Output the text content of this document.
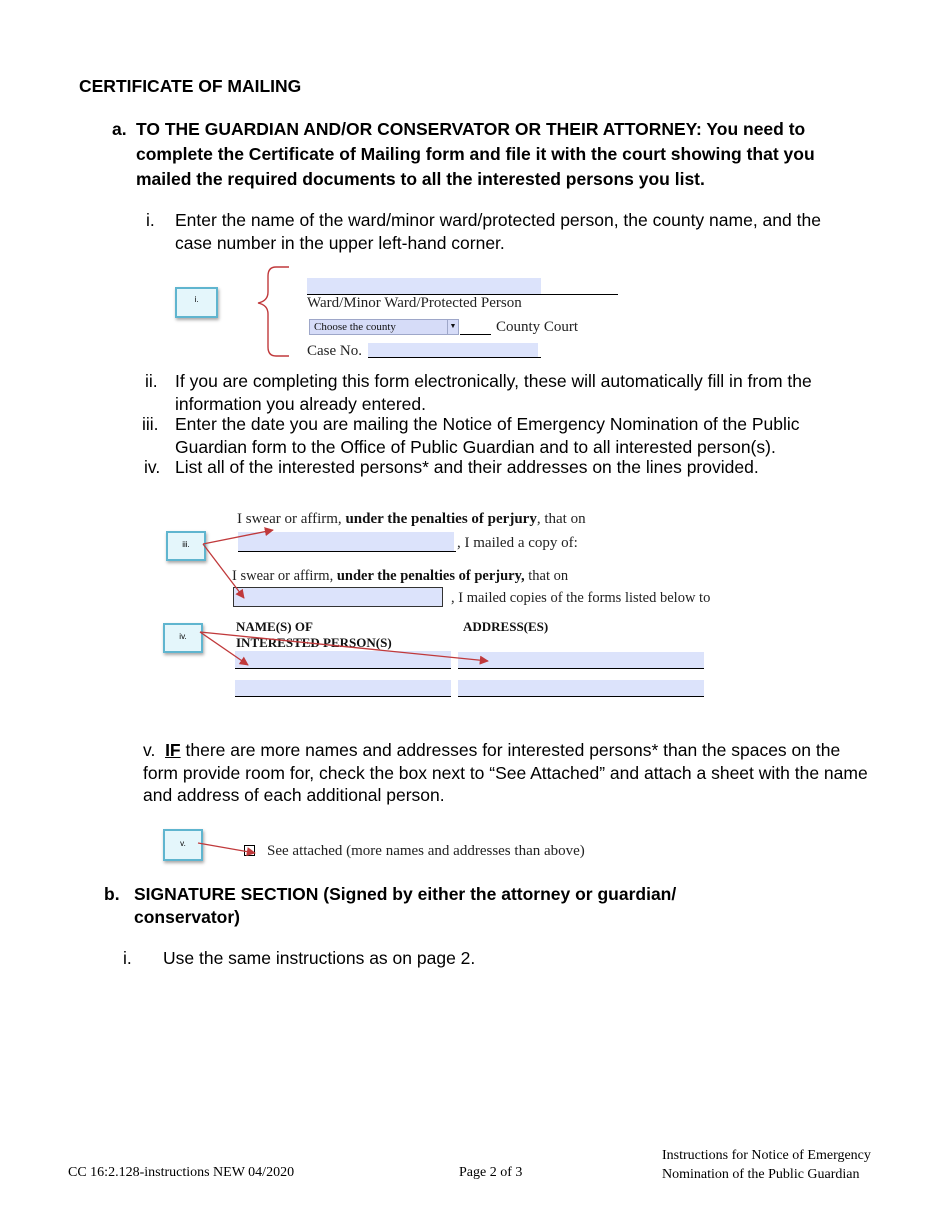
CERTIFICATE OF MAILING
a. TO THE GUARDIAN AND/OR CONSERVATOR OR THEIR ATTORNEY: You need to
complete the Certificate of Mailing form and file it with the court showing that you
mailed the required documents to all the interested persons you list.
i. Enter the name of the ward/minor ward/protected person, the county name, and the
case number in the upper left-hand corner.
i.	Ward/Minor Ward/Protected Person
Choose the county	▼	County Court
Case No.
ii. If you are completing this form electronically, these will automatically fill in from the
information you already entered.
iii. Enter the date you are mailing the Notice of Emergency Nomination of the Public
Guardian form to the Office of Public Guardian and to all interested person(s).
iv. List all of the interested persons* and their addresses on the lines provided.
I swear or affirm, under the penalties of perjury, that on
, I mailed a copy of:
I swear or affirm, under the penalties of perjury, that on
, I mailed copies of the forms listed below to
NAME(S) OF
INTERESTED PERSON(S)
ADDRESS(ES)
iii.
iv.
v. IF there are more names and addresses for interested persons* than the spaces on the
form provide room for, check the box next to “See Attached” and attach a sheet with the name
and address of each additional person.
v.	See attached (more names and addresses than above)
b. SIGNATURE SECTION (Signed by either the attorney or guardian/
conservator)
i. Use the same instructions as on page 2.
CC 16:2.128-instructions NEW 04/2020	Page 2 of 3
Instructions for Notice of Emergency
Nomination of the Public Guardian
